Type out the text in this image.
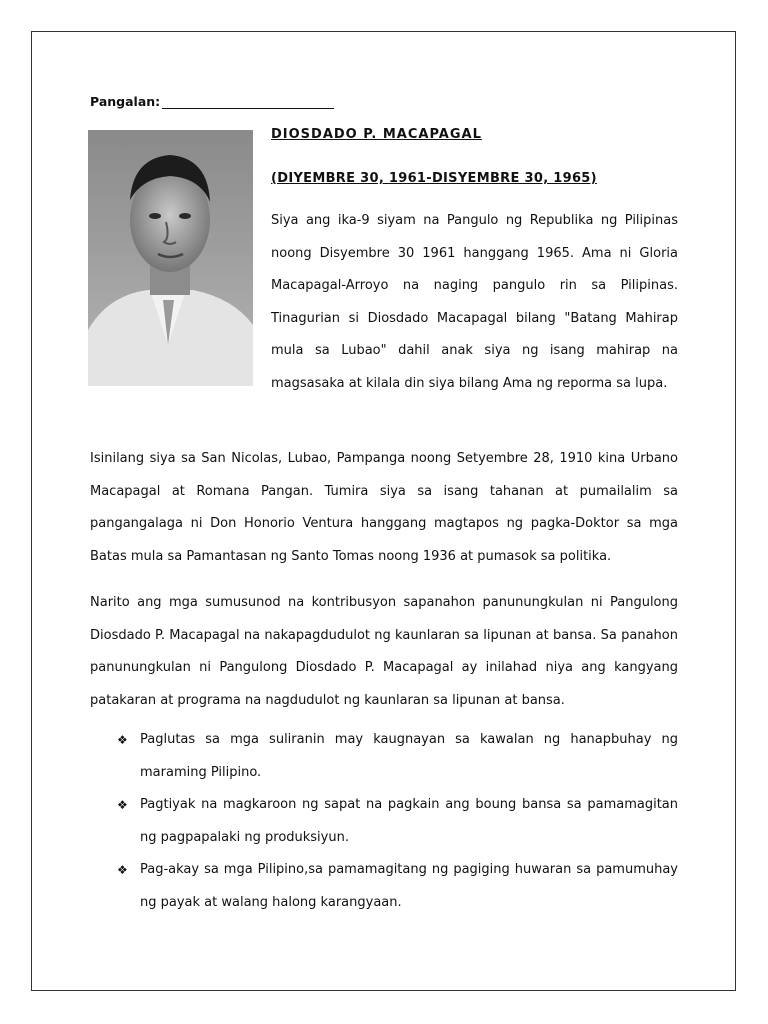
Pangalan:
DIOSDADO P. MACAPAGAL
(DIYEMBRE 30, 1961-DISYEMBRE 30, 1965)
Siya ang ika-9 siyam na Pangulo ng Republika ng Pilipinas noong Disyembre 30 1961 hanggang 1965. Ama ni Gloria Macapagal-Arroyo na naging pangulo rin sa Pilipinas. Tinagurian si Diosdado Macapagal bilang "Batang Mahirap mula sa Lubao" dahil anak siya ng isang mahirap na magsasaka at kilala din siya bilang Ama ng reporma sa lupa.

Isinilang siya sa San Nicolas, Lubao, Pampanga noong Setyembre 28, 1910 kina Urbano Macapagal at Romana Pangan. Tumira siya sa isang tahanan at pumailalim sa pangangalaga ni Don Honorio Ventura hanggang magtapos ng pagka-Doktor sa mga Batas mula sa Pamantasan ng Santo Tomas noong 1936 at pumasok sa politika.

Narito ang mga sumusunod na kontribusyon sapanahon panunungkulan ni Pangulong Diosdado P. Macapagal na nakapagdudulot ng kaunlaran sa lipunan at bansa. Sa panahon panunungkulan ni Pangulong Diosdado P. Macapagal ay inilahad niya ang kangyang patakaran at programa na nagdudulot ng kaunlaran sa lipunan at bansa.

❖ Paglutas sa mga suliranin may kaugnayan sa kawalan ng hanapbuhay ng maraming Pilipino.
❖ Pagtiyak na magkaroon ng sapat na pagkain ang boung bansa sa pamamagitan ng pagpapalaki ng produksiyun.
❖ Pag-akay sa mga Pilipino,sa pamamagitang ng pagiging huwaran sa pamumuhay ng payak at walang halong karangyaan.
